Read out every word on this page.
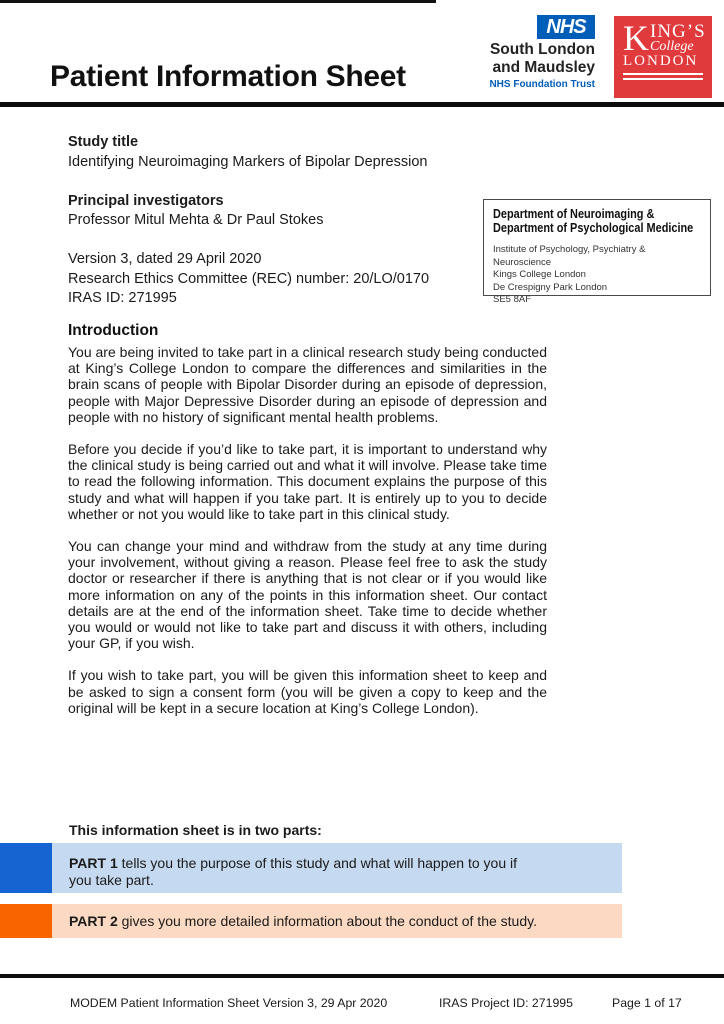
Patient Information Sheet
NHS
South London
and Maudsley
NHS Foundation Trust
K ING’S
College
LONDON
Study title
Identifying Neuroimaging Markers of Bipolar Depression
Principal investigators
Professor Mitul Mehta & Dr Paul Stokes
Version 3, dated 29 April 2020
Research Ethics Committee (REC) number: 20/LO/0170
IRAS ID: 271995
Department of Neuroimaging &
Department of Psychological Medicine
Institute of Psychology, Psychiatry & Neuroscience
Kings College London
De Crespigny Park London
SE5 8AF
Introduction

You are being invited to take part in a clinical research study being conducted at King’s College London to compare the differences and similarities in the brain scans of people with Bipolar Disorder during an episode of depression, people with Major Depressive Disorder during an episode of depression and people with no history of significant mental health problems.

Before you decide if you’d like to take part, it is important to understand why the clinical study is being carried out and what it will involve. Please take time to read the following information. This document explains the purpose of this study and what will happen if you take part. It is entirely up to you to decide whether or not you would like to take part in this clinical study.

You can change your mind and withdraw from the study at any time during your involvement, without giving a reason. Please feel free to ask the study doctor or researcher if there is anything that is not clear or if you would like more information on any of the points in this information sheet. Our contact details are at the end of the information sheet. Take time to decide whether you would or would not like to take part and discuss it with others, including your GP, if you wish.

If you wish to take part, you will be given this information sheet to keep and be asked to sign a consent form (you will be given a copy to keep and the original will be kept in a secure location at King’s College London).

This information sheet is in two parts:
PART 1 tells you the purpose of this study and what will happen to you if you take part.
PART 2 gives you more detailed information about the conduct of the study.
MODEM Patient Information Sheet Version 3, 29 Apr 2020	IRAS Project ID: 271995	Page 1 of 17
